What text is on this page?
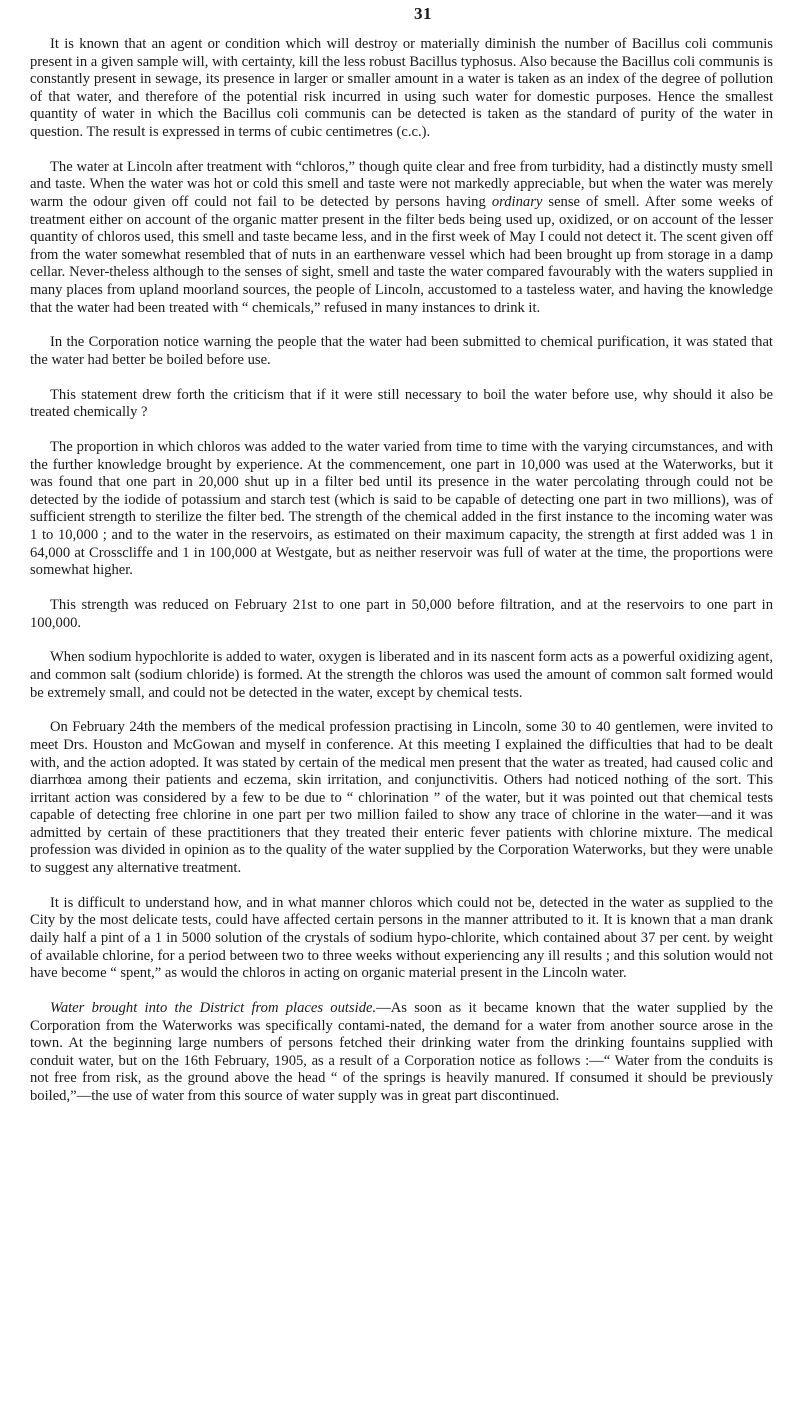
31

It is known that an agent or condition which will destroy or materially diminish the number of Bacillus coli communis present in a given sample will, with certainty, kill the less robust Bacillus typhosus. Also because the Bacillus coli communis is constantly present in sewage, its presence in larger or smaller amount in a water is taken as an index of the degree of pollution of that water, and therefore of the potential risk incurred in using such water for domestic purposes. Hence the smallest quantity of water in which the Bacillus coli communis can be detected is taken as the standard of purity of the water in question. The result is expressed in terms of cubic centimetres (c.c.).

The water at Lincoln after treatment with “chloros,” though quite clear and free from turbidity, had a distinctly musty smell and taste. When the water was hot or cold this smell and taste were not markedly appreciable, but when the water was merely warm the odour given off could not fail to be detected by persons having ordinary sense of smell. After some weeks of treatment either on account of the organic matter present in the filter beds being used up, oxidized, or on account of the lesser quantity of chloros used, this smell and taste became less, and in the first week of May I could not detect it. The scent given off from the water somewhat resembled that of nuts in an earthenware vessel which had been brought up from storage in a damp cellar. Never-theless although to the senses of sight, smell and taste the water compared favourably with the waters supplied in many places from upland moorland sources, the people of Lincoln, accustomed to a tasteless water, and having the knowledge that the water had been treated with “ chemicals,” refused in many instances to drink it.

In the Corporation notice warning the people that the water had been submitted to chemical purification, it was stated that the water had better be boiled before use.

This statement drew forth the criticism that if it were still necessary to boil the water before use, why should it also be treated chemically ?

The proportion in which chloros was added to the water varied from time to time with the varying circumstances, and with the further knowledge brought by experience. At the commencement, one part in 10,000 was used at the Waterworks, but it was found that one part in 20,000 shut up in a filter bed until its presence in the water percolating through could not be detected by the iodide of potassium and starch test (which is said to be capable of detecting one part in two millions), was of sufficient strength to sterilize the filter bed. The strength of the chemical added in the first instance to the incoming water was 1 to 10,000 ; and to the water in the reservoirs, as estimated on their maximum capacity, the strength at first added was 1 in 64,000 at Crosscliffe and 1 in 100,000 at Westgate, but as neither reservoir was full of water at the time, the proportions were somewhat higher.

This strength was reduced on February 21st to one part in 50,000 before filtration, and at the reservoirs to one part in 100,000.

When sodium hypochlorite is added to water, oxygen is liberated and in its nascent form acts as a powerful oxidizing agent, and common salt (sodium chloride) is formed. At the strength the chloros was used the amount of common salt formed would be extremely small, and could not be detected in the water, except by chemical tests.

On February 24th the members of the medical profession practising in Lincoln, some 30 to 40 gentlemen, were invited to meet Drs. Houston and McGowan and myself in conference. At this meeting I explained the difficulties that had to be dealt with, and the action adopted. It was stated by certain of the medical men present that the water as treated, had caused colic and diarrhœa among their patients and eczema, skin irritation, and conjunctivitis. Others had noticed nothing of the sort. This irritant action was considered by a few to be due to “ chlorination ” of the water, but it was pointed out that chemical tests capable of detecting free chlorine in one part per two million failed to show any trace of chlorine in the water—and it was admitted by certain of these practitioners that they treated their enteric fever patients with chlorine mixture. The medical profession was divided in opinion as to the quality of the water supplied by the Corporation Waterworks, but they were unable to suggest any alternative treatment.

It is difficult to understand how, and in what manner chloros which could not be, detected in the water as supplied to the City by the most delicate tests, could have affected certain persons in the manner attributed to it. It is known that a man drank daily half a pint of a 1 in 5000 solution of the crystals of sodium hypo-chlorite, which contained about 37 per cent. by weight of available chlorine, for a period between two to three weeks without experiencing any ill results ; and this solution would not have become “ spent,” as would the chloros in acting on organic material present in the Lincoln water.

Water brought into the District from places outside.—As soon as it became known that the water supplied by the Corporation from the Waterworks was specifically contami-nated, the demand for a water from another source arose in the town. At the beginning large numbers of persons fetched their drinking water from the drinking fountains supplied with conduit water, but on the 16th February, 1905, as a result of a Corporation notice as follows :—“ Water from the conduits is not free from risk, as the ground above the head “ of the springs is heavily manured. If consumed it should be previously boiled,”—the use of water from this source of water supply was in great part discontinued.
